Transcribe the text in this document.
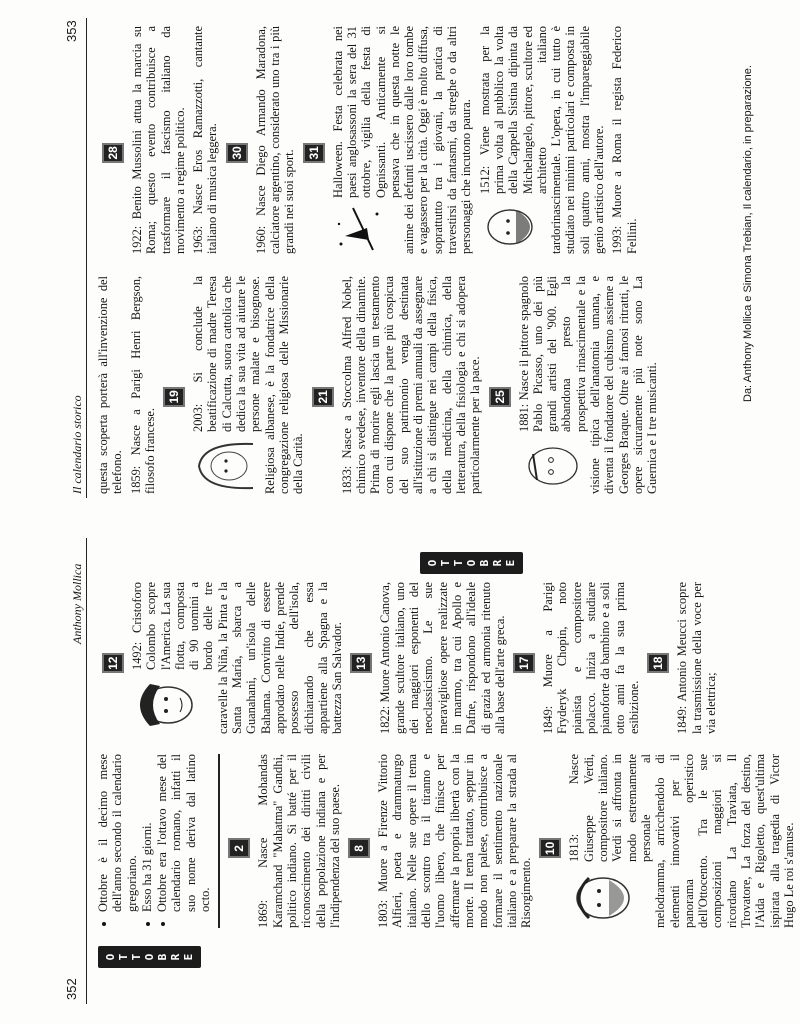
352
Anthony Mollica
O T T O B R E
O T T O B R E
• Ottobre è il decimo mese dell'anno secondo il calendario gregoriano. • Esso ha 31 giorni. • Ottobre era l'ottavo mese del calendario romano, infatti il suo nome deriva dal latino octo.
2 1869: Nasce Mohandas Karamchand "Mahatma" Gandhi, politico indiano. Si batté per il riconoscimento dei diritti civili della popolazione indiana e per l'indipendenza del suo paese. 8 1803: Muore a Firenze Vittorio Alfieri, poeta e drammaturgo italiano. Nelle sue opere il tema dello scontro tra il tiranno e l'uomo libero, che finisce per affermare la propria libertà con la morte. Il tema trattato, seppur in modo non palese, contribuisce a formare il sentimento nazionale italiano e a preparare la strada al Risorgimento.

10 1813: Nasce Giuseppe Verdi, compositore italiano. Verdi si affronta in modo estremamente personale al melodramma, arricchendolo di elementi innovativi per il panorama operistico dell'Ottocento. Tra le sue composizioni maggiori si ricordano La Traviata, Il Trovatore, La forza del destino, l'Aida e Rigoletto, quest'ultima ispirata alla tragedia di Victor Hugo Le roi s'amuse.

12 1492: Cristoforo Colombo scopre l'America. La sua flotta, composta di 90 uomini a bordo delle tre caravelle la Niña, la Pinta e la Santa María, sbarca a Guanahani, un'isola delle Bahama. Convinto di essere approdato nelle Indie, prende possesso dell'isola, dichiarando che essa appartiene alla Spagna e la battezza San Salvador. 13 1822: Muore Antonio Canova, grande scultore italiano, uno dei maggiori esponenti del neoclassicismo. Le sue meravigliose opere realizzate in marmo, tra cui Apollo e Dafne, rispondono all'ideale di grazia ed armonia ritenuto alla base dell'arte greca. 17 1849: Muore a Parigi Fryderyk Chopin, noto pianista e compositore polacco. Inizia a studiare pianoforte da bambino e a soli otto anni fa la sua prima esibizione.

18 1849: Antonio Meucci scopre la trasmissione della voce per via elettrica;

Il calendario storico
353

questa scoperta porterà all'invenzione del telefono. 1859: Nasce a Parigi Henri Bergson, filosofo francese.

19 2003: Si conclude la beatificazione di madre Teresa di Calcutta, suora cattolica che dedica la sua vita ad aiutare le persone malate e bisognose. Religiosa albanese, è la fondatrice della congregazione religiosa delle Missionarie della Carità.

21 1833: Nasce a Stoccolma Alfred Nobel, chimico svedese, inventore della dinamite. Prima di morire egli lascia un testamento con cui dispone che la parte più cospicua del suo patrimonio venga destinata all'istituzione di premi annuali da assegnare a chi si distingue nei campi della fisica, della medicina, della chimica, della letteratura, della fisiologia e chi si adopera particolarmente per la pace. 25 1881: Nasce il pittore spagnolo Pablo Picasso, uno dei più grandi artisti del '900. Egli abbandona presto la prospettiva rinascimentale e la visione tipica dell'anatomia umana, e diventa il fondatore del cubismo assieme a Georges Braque. Oltre ai famosi ritratti, le opere sicuramente più note sono La Guernica e I tre musicanti.

28 1922: Benito Mussolini attua la marcia su Roma; questo evento contribuisce a trasformare il fascismo italiano da movimento a regime politico. 1963: Nasce Eros Ramazzotti, cantante italiano di musica leggera. 30 1960: Nasce Diego Armando Maradona, calciatore argentino, considerato uno tra i più grandi nei suoi sport. 31 Halloween. Festa celebrata nei paesi anglosassoni la sera del 31 ottobre, vigilia della festa di Ognissanti. Anticamente si pensava che in questa notte le anime dei defunti uscissero dalle loro tombe e vagassero per la città. Oggi è molto diffusa, soprattutto tra i giovani, la pratica di travestirsi da fantasmi, da streghe o da altri personaggi che incutono paura. 1512: Viene mostrata per la prima volta al pubblico la volta della Cappella Sistina dipinta da Michelangelo, pittore, scultore ed architetto italiano tardorinascimentale. L'opera, in cui tutto è studiato nei minimi particolari e composta in soli quattro anni, mostra l'impareggiabile genio artistico dell'autore. 1993: Muore a Roma il regista Federico Fellini.	Da: Anthony Mollica e Simona Trebian, Il calendario, in preparazione.
